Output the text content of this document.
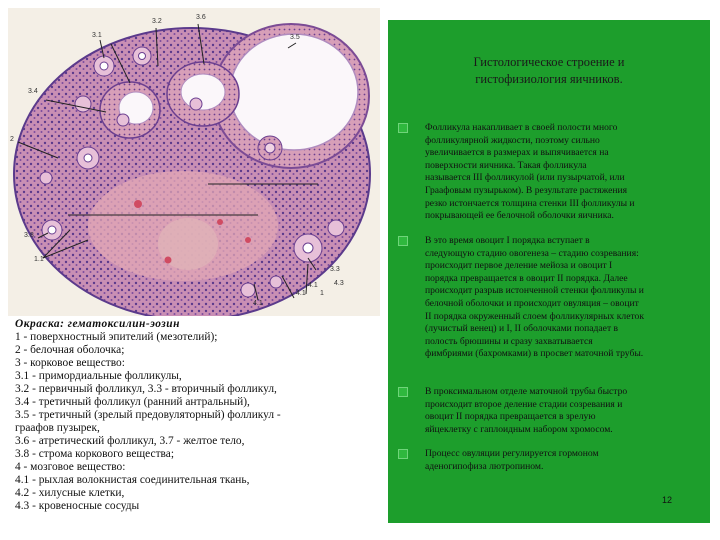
3.2
3.6
3.1	3.5
3.4
2
3.8
1.1
3.3
4.1
4.1
4.1
1
4.3
Окраска: гематоксилин-эозин
1 - поверхностный эпителий (мезотелий);
2 - белочная оболочка;
3 - корковое вещество:
3.1 - примордиальные фолликулы,
3.2 - первичный фолликул, 3.3 - вторичный фолликул,
3.4 - третичный фолликул (ранний антральный),
3.5 - третичный (зрелый предовуляторный) фолликул -
граафов пузырек,
3.6 - атретический фолликул, 3.7 - желтое тело,
3.8 - строма коркового вещества;
4 - мозговое вещество:
4.1 - рыхлая волокнистая соединительная ткань,
4.2 - хилусные клетки,
4.3 - кровеносные сосуды
Гистологическое строение и
гистофизиология яичников.
Фолликула накапливает в своей полости много
фолликулярной жидкости, поэтому сильно
увеличивается в размерах и выпячивается на
поверхности яичника. Такая фолликула
называется III фолликулой (или пузырчатой, или
Граафовым пузырьком). В результате растяжения
резко истончается толщина стенки III фолликулы и
покрывающей ее белочной оболочки яичника.
В это время овоцит I порядка вступает в
следующую стадию овогенеза – стадию созревания:
происходит первое деление мейоза и овоцит I
порядка превращается в овоцит II порядка. Далее
происходит разрыв истонченной стенки фолликулы и
белочной оболочки и происходит овуляция – овоцит
II порядка окруженный слоем фолликулярных клеток
(лучистый венец) и I, II оболочками попадает в
полость брюшины и сразу захватывается
фимбриями (бахромками) в просвет маточной трубы.
В проксимальном отделе маточной трубы быстро
происходит второе деление стадии созревания и
овоцит II порядка превращается в зрелую
яйцеклетку с гаплоидным набором хромосом.
Процесс овуляции регулируется гормоном
аденогипофиза лютропином.
12
